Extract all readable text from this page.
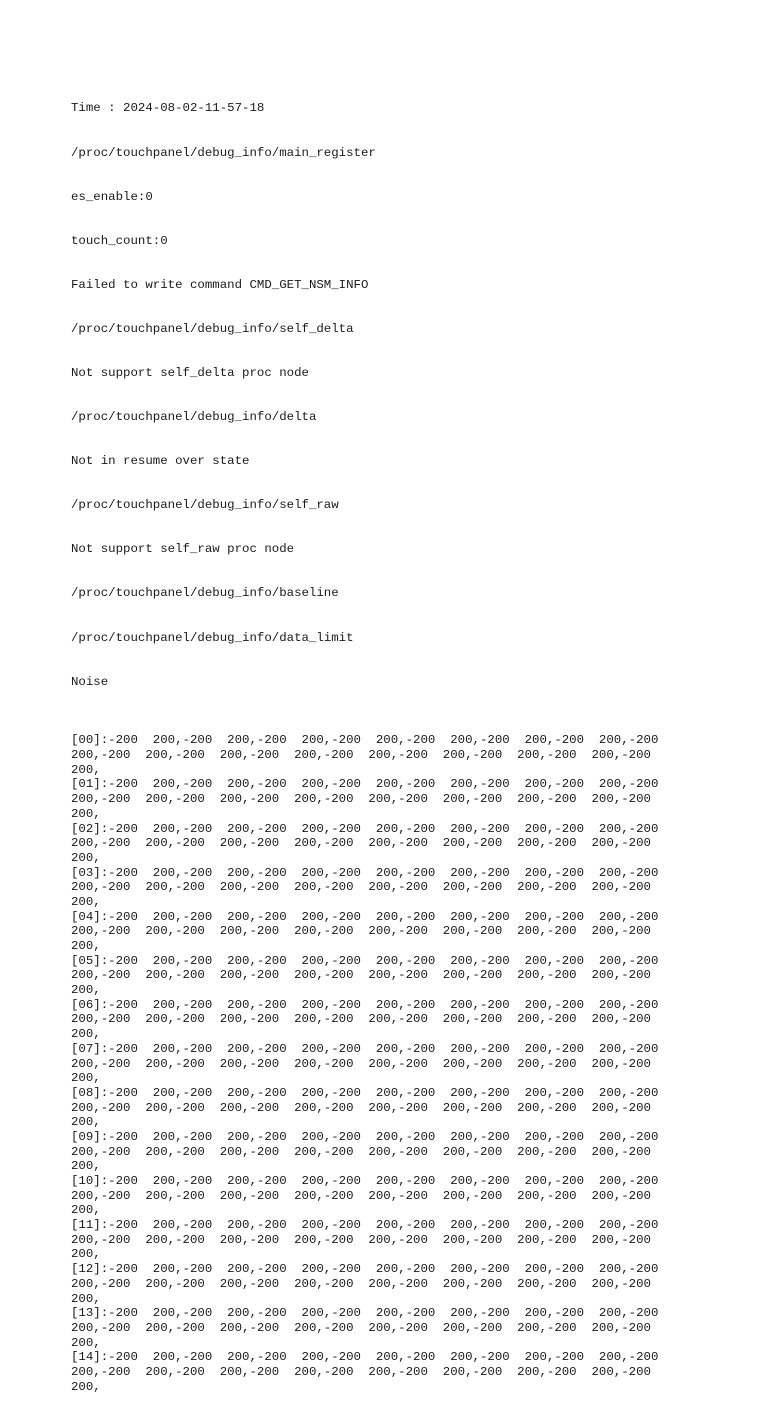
Time : 2024-08-02-11-57-18

/proc/touchpanel/debug_info/main_register

es_enable:0

touch_count:0

Failed to write command CMD_GET_NSM_INFO

/proc/touchpanel/debug_info/self_delta

Not support self_delta proc node

/proc/touchpanel/debug_info/delta

Not in resume over state

/proc/touchpanel/debug_info/self_raw

Not support self_raw proc node

/proc/touchpanel/debug_info/baseline

/proc/touchpanel/debug_info/data_limit

Noise

[00]:-200  200,-200  200,-200  200,-200  200,-200  200,-200  200,-200  200,-200
200,-200  200,-200  200,-200  200,-200  200,-200  200,-200  200,-200  200,-200
200,
[01]:-200  200,-200  200,-200  200,-200  200,-200  200,-200  200,-200  200,-200
200,-200  200,-200  200,-200  200,-200  200,-200  200,-200  200,-200  200,-200
200,
[02]:-200  200,-200  200,-200  200,-200  200,-200  200,-200  200,-200  200,-200
200,-200  200,-200  200,-200  200,-200  200,-200  200,-200  200,-200  200,-200
200,
[03]:-200  200,-200  200,-200  200,-200  200,-200  200,-200  200,-200  200,-200
200,-200  200,-200  200,-200  200,-200  200,-200  200,-200  200,-200  200,-200
200,
[04]:-200  200,-200  200,-200  200,-200  200,-200  200,-200  200,-200  200,-200
200,-200  200,-200  200,-200  200,-200  200,-200  200,-200  200,-200  200,-200
200,
[05]:-200  200,-200  200,-200  200,-200  200,-200  200,-200  200,-200  200,-200
200,-200  200,-200  200,-200  200,-200  200,-200  200,-200  200,-200  200,-200
200,
[06]:-200  200,-200  200,-200  200,-200  200,-200  200,-200  200,-200  200,-200
200,-200  200,-200  200,-200  200,-200  200,-200  200,-200  200,-200  200,-200
200,
[07]:-200  200,-200  200,-200  200,-200  200,-200  200,-200  200,-200  200,-200
200,-200  200,-200  200,-200  200,-200  200,-200  200,-200  200,-200  200,-200
200,
[08]:-200  200,-200  200,-200  200,-200  200,-200  200,-200  200,-200  200,-200
200,-200  200,-200  200,-200  200,-200  200,-200  200,-200  200,-200  200,-200
200,
[09]:-200  200,-200  200,-200  200,-200  200,-200  200,-200  200,-200  200,-200
200,-200  200,-200  200,-200  200,-200  200,-200  200,-200  200,-200  200,-200
200,
[10]:-200  200,-200  200,-200  200,-200  200,-200  200,-200  200,-200  200,-200
200,-200  200,-200  200,-200  200,-200  200,-200  200,-200  200,-200  200,-200
200,
[11]:-200  200,-200  200,-200  200,-200  200,-200  200,-200  200,-200  200,-200
200,-200  200,-200  200,-200  200,-200  200,-200  200,-200  200,-200  200,-200
200,
[12]:-200  200,-200  200,-200  200,-200  200,-200  200,-200  200,-200  200,-200
200,-200  200,-200  200,-200  200,-200  200,-200  200,-200  200,-200  200,-200
200,
[13]:-200  200,-200  200,-200  200,-200  200,-200  200,-200  200,-200  200,-200
200,-200  200,-200  200,-200  200,-200  200,-200  200,-200  200,-200  200,-200
200,
[14]:-200  200,-200  200,-200  200,-200  200,-200  200,-200  200,-200  200,-200
200,-200  200,-200  200,-200  200,-200  200,-200  200,-200  200,-200  200,-200
200,
